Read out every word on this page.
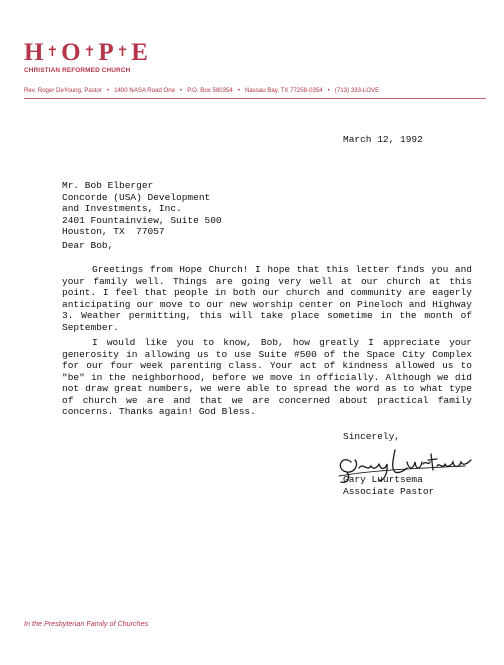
H ✝ O ✝ P ✝ E
CHRISTIAN REFORMED CHURCH
Rev. Roger DeYoung, Pastor • 1400 NASA Road One • P.O. Box 580354 • Nassau Bay, TX 77258-0354 • (713) 333-LOVE
March 12, 1992
Mr. Bob Elberger
Concorde (USA) Development
and Investments, Inc.
2401 Fountainview, Suite 500
Houston, TX  77057
Dear Bob,
Greetings from Hope Church! I hope that this letter finds you and your family well. Things are going very well at our church at this point. I feel that people in both our church and community are eagerly anticipating our move to our new worship center on Pineloch and Highway 3. Weather permitting, this will take place sometime in the month of September.
I would like you to know, Bob, how greatly I appreciate your generosity in allowing us to use Suite #500 of the Space City Complex for our four week parenting class. Your act of kindness allowed us to "be" in the neighborhood, before we move in officially. Although we did not draw great numbers, we were able to spread the word as to what type of church we are and that we are concerned about practical family concerns. Thanks again! God Bless.
Sincerely,
Gary Luurtsema
Associate Pastor
In the Presbyterian Family of Churches
